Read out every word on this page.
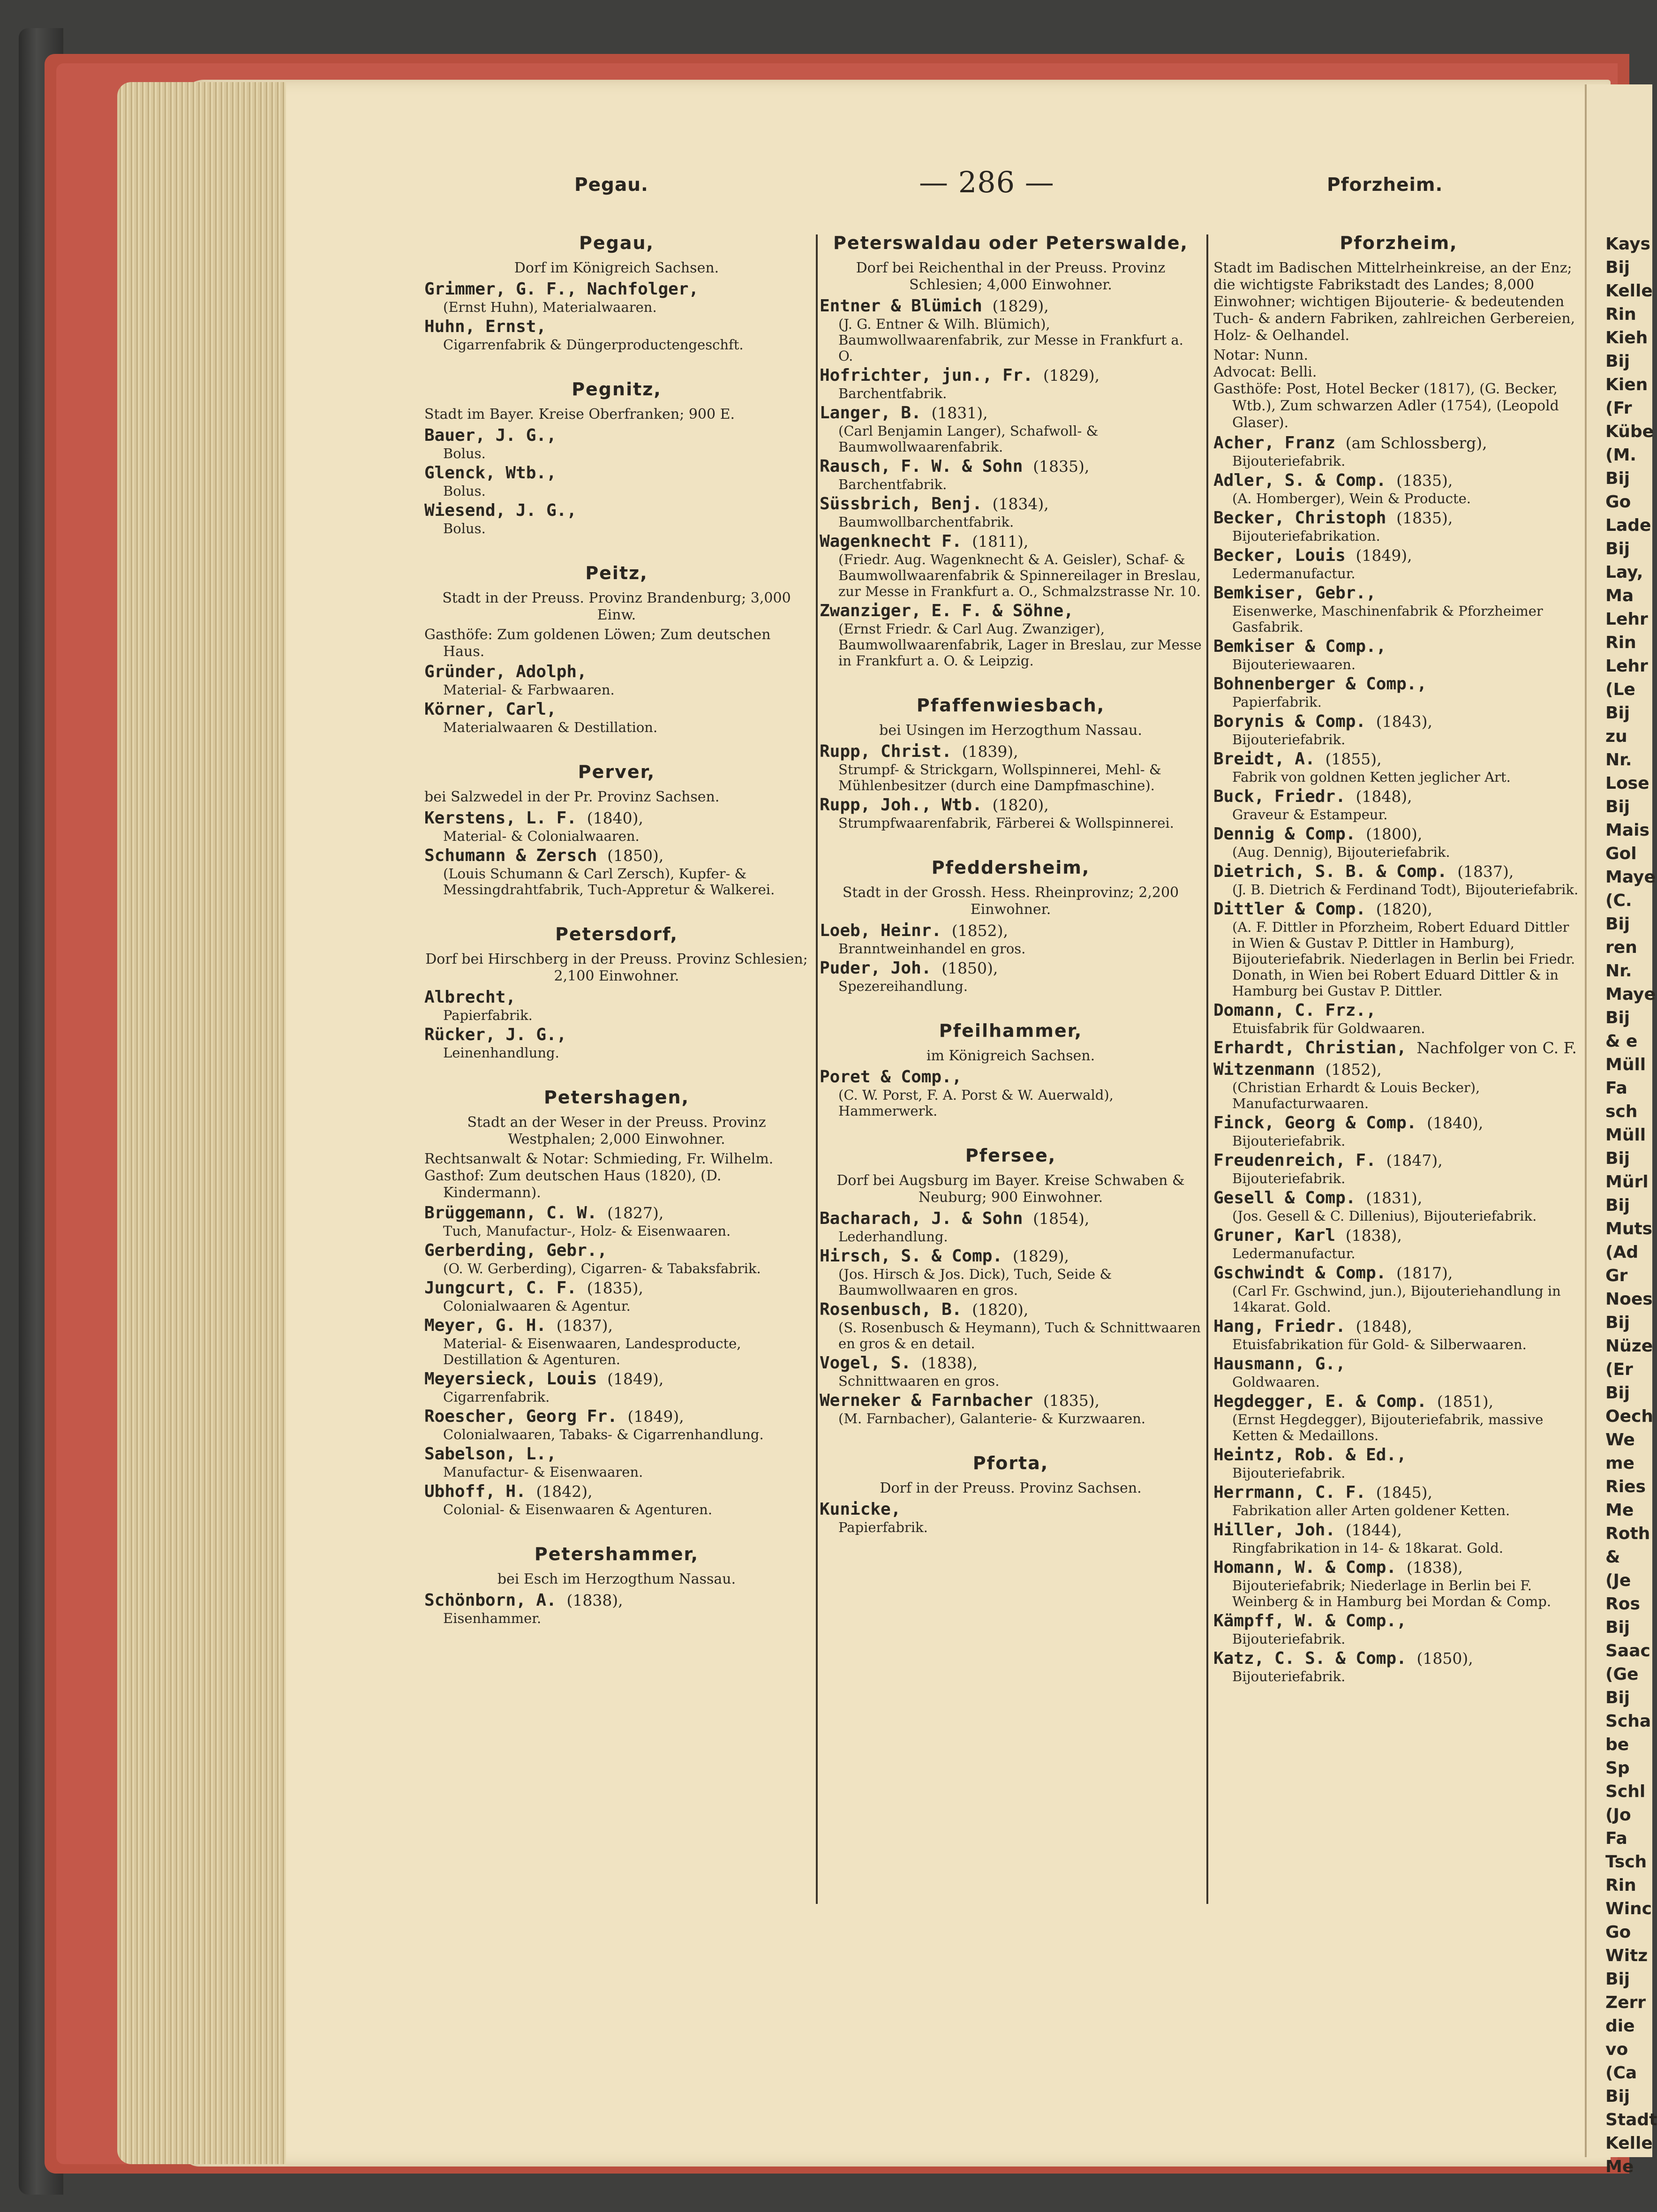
Kays
Bij
Kelle
Rin
Kieh
Bij
Kien
(Fr
Kübe
(M.
Bij
Go
Lade
Bij
Lay,
Ma
Lehr
Rin
Lehr
(Le
Bij
zu
Nr.
Lose
Bij
Mais
Gol
Maye
(C.
Bij
ren
Nr.
Maye
Bij
& e
Müll
Fa
sch
Müll
Bij
Mürl
Bij
Muts
(Ad
Gr
Noes
Bij
Nüze
(Er
Bij
Oech
We
me
Ries
Me
Roth
&
(Je
Ros
Bij
Saac
(Ge
Bij
Scha
be
Sp
Schl
(Jo
Fa
Tsch
Rin
Winc
Go
Witz
Bij
Zerr
die
vo
(Ca
Bij
Stadt
Kelle
Me
Pegau.	— 286 —	Pforzheim.
Pegau,
Dorf im Königreich Sachsen.
Grimmer, G. F., Nachfolger,
(Ernst Huhn), Materialwaaren.
Huhn, Ernst,
Cigarrenfabrik & Düngerproductengeschft.
Pegnitz,
Stadt im Bayer. Kreise Oberfranken; 900 E.
Bauer, J. G.,
Bolus.
Glenck, Wtb.,
Bolus.
Wiesend, J. G.,
Bolus.
Peitz,
Stadt in der Preuss. Provinz Brandenburg; 3,000 Einw.
Gasthöfe: Zum goldenen Löwen; Zum deutschen Haus.
Gründer, Adolph,
Material- & Farbwaaren.
Körner, Carl,
Materialwaaren & Destillation.
Perver,
bei Salzwedel in der Pr. Provinz Sachsen.
Kerstens, L. F. (1840),
Material- & Colonialwaaren.
Schumann & Zersch (1850),
(Louis Schumann & Carl Zersch), Kupfer- & Messingdrahtfabrik, Tuch-Appretur & Walkerei.
Petersdorf,
Dorf bei Hirschberg in der Preuss. Provinz Schlesien; 2,100 Einwohner.
Albrecht,
Papierfabrik.
Rücker, J. G.,
Leinenhandlung.
Petershagen,
Stadt an der Weser in der Preuss. Provinz Westphalen; 2,000 Einwohner.
Rechtsanwalt & Notar: Schmieding, Fr. Wilhelm.
Gasthof: Zum deutschen Haus (1820), (D. Kindermann).
Brüggemann, C. W. (1827),
Tuch, Manufactur-, Holz- & Eisenwaaren.
Gerberding, Gebr.,
(O. W. Gerberding), Cigarren- & Tabaksfabrik.
Jungcurt, C. F. (1835),
Colonialwaaren & Agentur.
Meyer, G. H. (1837),
Material- & Eisenwaaren, Landesproducte, Destillation & Agenturen.
Meyersieck, Louis (1849),
Cigarrenfabrik.
Roescher, Georg Fr. (1849),
Colonialwaaren, Tabaks- & Cigarrenhandlung.
Sabelson, L.,
Manufactur- & Eisenwaaren.
Ubhoff, H. (1842),
Colonial- & Eisenwaaren & Agenturen.
Petershammer,
bei Esch im Herzogthum Nassau.
Schönborn, A. (1838),
Eisenhammer.
Peterswaldau oder Peterswalde,
Dorf bei Reichenthal in der Preuss. Provinz Schlesien; 4,000 Einwohner.
Entner & Blümich (1829),
(J. G. Entner & Wilh. Blümich), Baumwollwaarenfabrik, zur Messe in Frankfurt a. O.
Hofrichter, jun., Fr. (1829),
Barchentfabrik.
Langer, B. (1831),
(Carl Benjamin Langer), Schafwoll- & Baumwollwaarenfabrik.
Rausch, F. W. & Sohn (1835),
Barchentfabrik.
Süssbrich, Benj. (1834),
Baumwollbarchentfabrik.
Wagenknecht F. (1811),
(Friedr. Aug. Wagenknecht & A. Geisler), Schaf- & Baumwollwaarenfabrik & Spinnereilager in Breslau, zur Messe in Frankfurt a. O., Schmalzstrasse Nr. 10.
Zwanziger, E. F. & Söhne,
(Ernst Friedr. & Carl Aug. Zwanziger), Baumwollwaarenfabrik, Lager in Breslau, zur Messe in Frankfurt a. O. & Leipzig.
Pfaffenwiesbach,
bei Usingen im Herzogthum Nassau.
Rupp, Christ. (1839),
Strumpf- & Strickgarn, Wollspinnerei, Mehl- & Mühlenbesitzer (durch eine Dampfmaschine).
Rupp, Joh., Wtb. (1820),
Strumpfwaarenfabrik, Färberei & Wollspinnerei.
Pfeddersheim,
Stadt in der Grossh. Hess. Rheinprovinz; 2,200 Einwohner.
Loeb, Heinr. (1852),
Branntweinhandel en gros.
Puder, Joh. (1850),
Spezereihandlung.
Pfeilhammer,
im Königreich Sachsen.
Poret & Comp.,
(C. W. Porst, F. A. Porst & W. Auerwald), Hammerwerk.
Pfersee,
Dorf bei Augsburg im Bayer. Kreise Schwaben & Neuburg; 900 Einwohner.
Bacharach, J. & Sohn (1854),
Lederhandlung.
Hirsch, S. & Comp. (1829),
(Jos. Hirsch & Jos. Dick), Tuch, Seide & Baumwollwaaren en gros.
Rosenbusch, B. (1820),
(S. Rosenbusch & Heymann), Tuch & Schnittwaaren en gros & en detail.
Vogel, S. (1838),
Schnittwaaren en gros.
Werneker & Farnbacher (1835),
(M. Farnbacher), Galanterie- & Kurzwaaren.
Pforta,
Dorf in der Preuss. Provinz Sachsen.
Kunicke,
Papierfabrik.
Pforzheim,
Stadt im Badischen Mittelrheinkreise, an der Enz; die wichtigste Fabrikstadt des Landes; 8,000 Einwohner; wichtigen Bijouterie- & bedeutenden Tuch- & andern Fabriken, zahlreichen Gerbereien, Holz- & Oelhandel.
Notar: Nunn.
Advocat: Belli.
Gasthöfe: Post, Hotel Becker (1817), (G. Becker, Wtb.), Zum schwarzen Adler (1754), (Leopold Glaser).
Acher, Franz (am Schlossberg),
Bijouteriefabrik.
Adler, S. & Comp. (1835),
(A. Homberger), Wein & Producte.
Becker, Christoph (1835),
Bijouteriefabrikation.
Becker, Louis (1849),
Ledermanufactur.
Bemkiser, Gebr.,
Eisenwerke, Maschinenfabrik & Pforzheimer Gasfabrik.
Bemkiser & Comp.,
Bijouteriewaaren.
Bohnenberger & Comp.,
Papierfabrik.
Borynis & Comp. (1843),
Bijouteriefabrik.
Breidt, A. (1855),
Fabrik von goldnen Ketten jeglicher Art.
Buck, Friedr. (1848),
Graveur & Estampeur.
Dennig & Comp. (1800),
(Aug. Dennig), Bijouteriefabrik.
Dietrich, S. B. & Comp. (1837),
(J. B. Dietrich & Ferdinand Todt), Bijouteriefabrik.
Dittler & Comp. (1820),
(A. F. Dittler in Pforzheim, Robert Eduard Dittler in Wien & Gustav P. Dittler in Hamburg), Bijouteriefabrik. Niederlagen in Berlin bei Friedr. Donath, in Wien bei Robert Eduard Dittler & in Hamburg bei Gustav P. Dittler.
Domann, C. Frz.,
Etuisfabrik für Goldwaaren.
Erhardt, Christian, Nachfolger von C. F.
Witzenmann (1852),
(Christian Erhardt & Louis Becker), Manufacturwaaren.
Finck, Georg & Comp. (1840),
Bijouteriefabrik.
Freudenreich, F. (1847),
Bijouteriefabrik.
Gesell & Comp. (1831),
(Jos. Gesell & C. Dillenius), Bijouteriefabrik.
Gruner, Karl (1838),
Ledermanufactur.
Gschwindt & Comp. (1817),
(Carl Fr. Gschwind, jun.), Bijouteriehandlung in 14karat. Gold.
Hang, Friedr. (1848),
Etuisfabrikation für Gold- & Silberwaaren.
Hausmann, G.,
Goldwaaren.
Hegdegger, E. & Comp. (1851),
(Ernst Hegdegger), Bijouteriefabrik, massive Ketten & Medaillons.
Heintz, Rob. & Ed.,
Bijouteriefabrik.
Herrmann, C. F. (1845),
Fabrikation aller Arten goldener Ketten.
Hiller, Joh. (1844),
Ringfabrikation in 14- & 18karat. Gold.
Homann, W. & Comp. (1838),
Bijouteriefabrik; Niederlage in Berlin bei F. Weinberg & in Hamburg bei Mordan & Comp.
Kämpff, W. & Comp.,
Bijouteriefabrik.
Katz, C. S. & Comp. (1850),
Bijouteriefabrik.
